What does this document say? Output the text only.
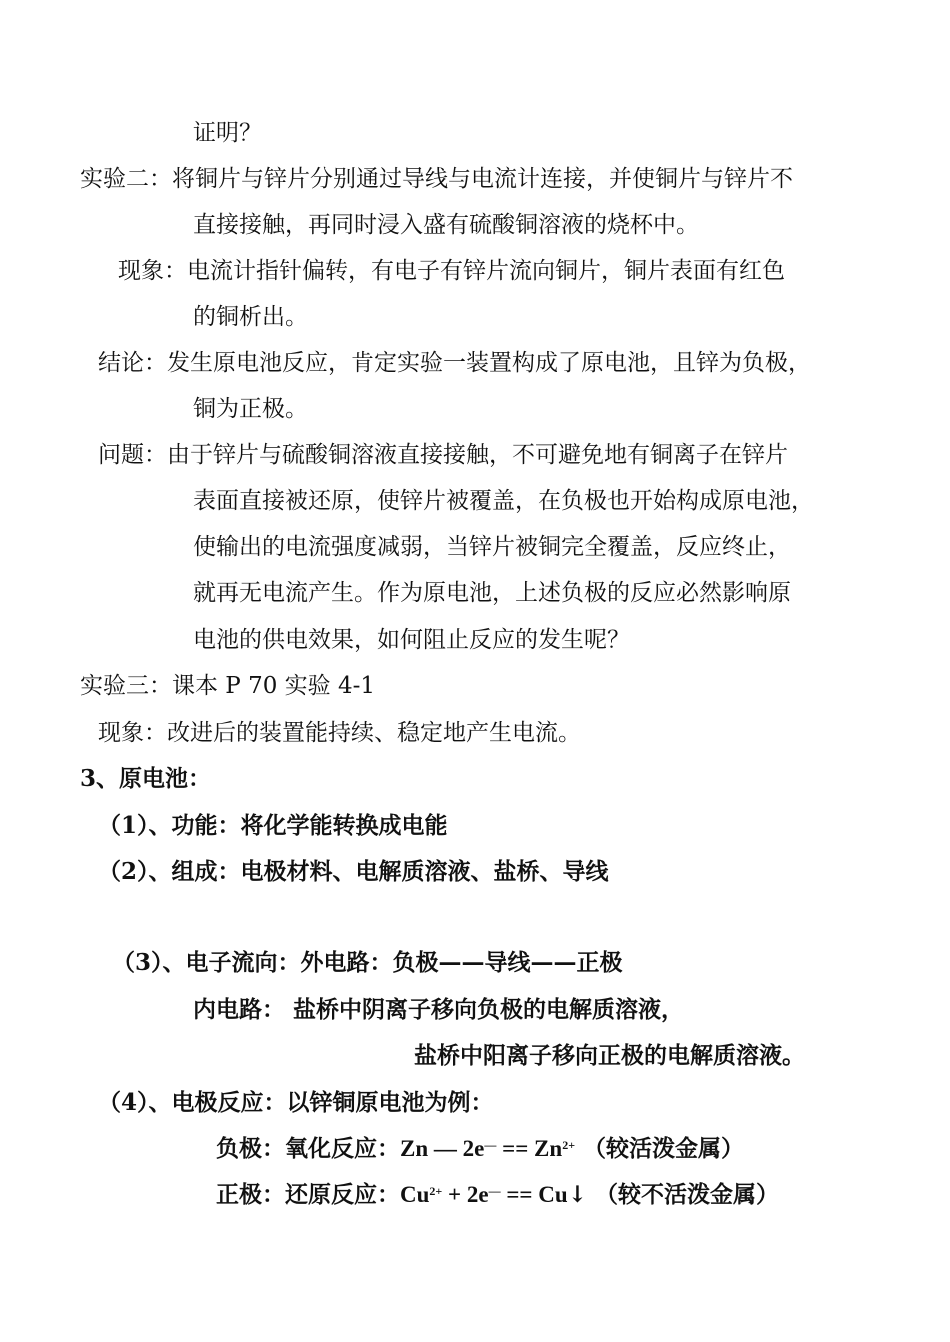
证明？
实验二：将铜片与锌片分别通过导线与电流计连接，并使铜片与锌片不
直接接触，再同时浸入盛有硫酸铜溶液的烧杯中。
现象：电流计指针偏转，有电子有锌片流向铜片，铜片表面有红色
的铜析出。
结论：发生原电池反应，肯定实验一装置构成了原电池，且锌为负极，
铜为正极。
问题：由于锌片与硫酸铜溶液直接接触，不可避免地有铜离子在锌片
表面直接被还原，使锌片被覆盖，在负极也开始构成原电池，
使输出的电流强度减弱，当锌片被铜完全覆盖，反应终止，
就再无电流产生。作为原电池，上述负极的反应必然影响原
电池的供电效果，如何阻止反应的发生呢？
实验三：课本 P 70 实验 4-1
现象：改进后的装置能持续、稳定地产生电流。
3、原电池：
（1）、功能：将化学能转换成电能
（2）、组成：电极材料、电解质溶液、盐桥、导线
（3）、电子流向：外电路：负极——导线——正极
内电路： 盐桥中阴离子移向负极的电解质溶液，
盐桥中阳离子移向正极的电解质溶液。
（4）、电极反应：以锌铜原电池为例：
负极：氧化反应：Zn — $2e^— == Zn^{2+}$ （较活泼金属）
正极：还原反应：$Cu^{2+} + 2e^—$ == Cu↓ （较不活泼金属）
